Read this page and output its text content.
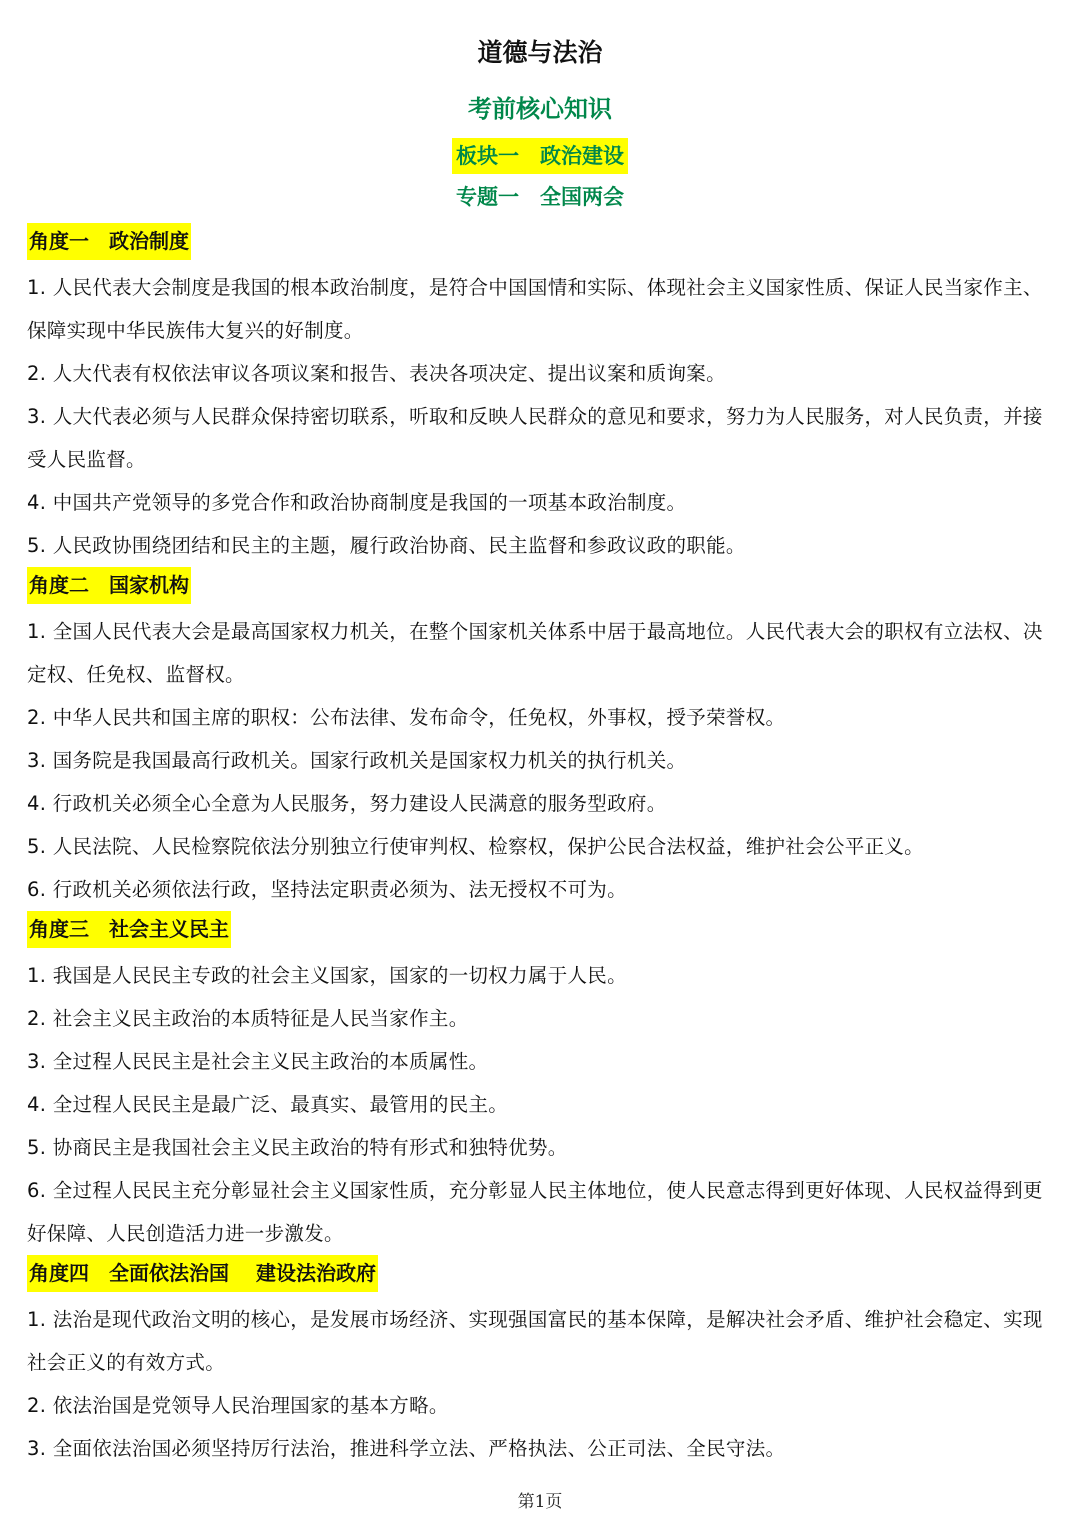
道德与法治
考前核心知识
板块一　政治建设
专题一　全国两会
角度一　政治制度
1. 人民代表大会制度是我国的根本政治制度，是符合中国国情和实际、体现社会主义国家性质、保证人民当家作主、保障实现中华民族伟大复兴的好制度。
2. 人大代表有权依法审议各项议案和报告、表决各项决定、提出议案和质询案。
3. 人大代表必须与人民群众保持密切联系，听取和反映人民群众的意见和要求，努力为人民服务，对人民负责，并接受人民监督。
4. 中国共产党领导的多党合作和政治协商制度是我国的一项基本政治制度。
5. 人民政协围绕团结和民主的主题，履行政治协商、民主监督和参政议政的职能。
角度二　国家机构
1. 全国人民代表大会是最高国家权力机关，在整个国家机关体系中居于最高地位。人民代表大会的职权有立法权、决定权、任免权、监督权。
2. 中华人民共和国主席的职权：公布法律、发布命令，任免权，外事权，授予荣誉权。
3. 国务院是我国最高行政机关。国家行政机关是国家权力机关的执行机关。
4. 行政机关必须全心全意为人民服务，努力建设人民满意的服务型政府。
5. 人民法院、人民检察院依法分别独立行使审判权、检察权，保护公民合法权益，维护社会公平正义。
6. 行政机关必须依法行政，坚持法定职责必须为、法无授权不可为。
角度三　社会主义民主
1. 我国是人民民主专政的社会主义国家，国家的一切权力属于人民。
2. 社会主义民主政治的本质特征是人民当家作主。
3. 全过程人民民主是社会主义民主政治的本质属性。
4. 全过程人民民主是最广泛、最真实、最管用的民主。
5. 协商民主是我国社会主义民主政治的特有形式和独特优势。
6. 全过程人民民主充分彰显社会主义国家性质，充分彰显人民主体地位，使人民意志得到更好体现、人民权益得到更好保障、人民创造活力进一步激发。
角度四　全面依法治国　 建设法治政府
1. 法治是现代政治文明的核心，是发展市场经济、实现强国富民的基本保障，是解决社会矛盾、维护社会稳定、实现社会正义的有效方式。
2. 依法治国是党领导人民治理国家的基本方略。
3. 全面依法治国必须坚持厉行法治，推进科学立法、严格执法、公正司法、全民守法。
第1页
